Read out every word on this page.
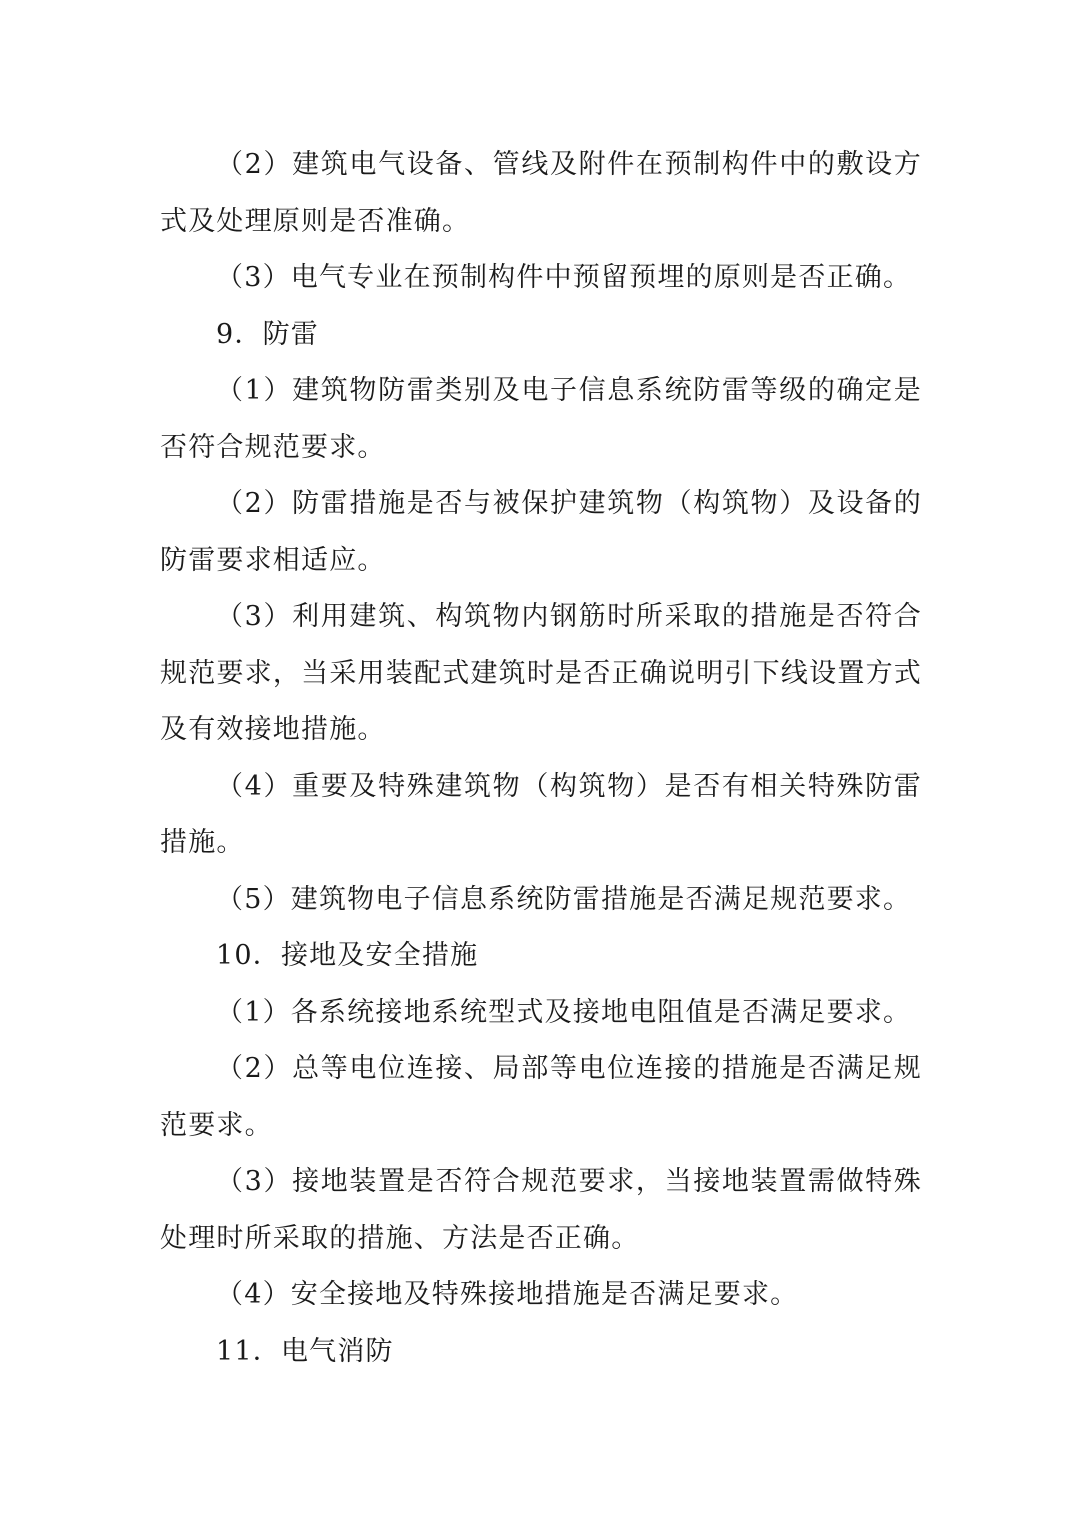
（2）建筑电气设备、管线及附件在预制构件中的敷设方式及处理原则是否准确。

（3）电气专业在预制构件中预留预埋的原则是否正确。

9．防雷

（1）建筑物防雷类别及电子信息系统防雷等级的确定是否符合规范要求。

（2）防雷措施是否与被保护建筑物（构筑物）及设备的防雷要求相适应。

（3）利用建筑、构筑物内钢筋时所采取的措施是否符合规范要求，当采用装配式建筑时是否正确说明引下线设置方式及有效接地措施。

（4）重要及特殊建筑物（构筑物）是否有相关特殊防雷措施。

（5）建筑物电子信息系统防雷措施是否满足规范要求。

10．接地及安全措施

（1）各系统接地系统型式及接地电阻值是否满足要求。

（2）总等电位连接、局部等电位连接的措施是否满足规范要求。

（3）接地装置是否符合规范要求，当接地装置需做特殊处理时所采取的措施、方法是否正确。

（4）安全接地及特殊接地措施是否满足要求。

11．电气消防
